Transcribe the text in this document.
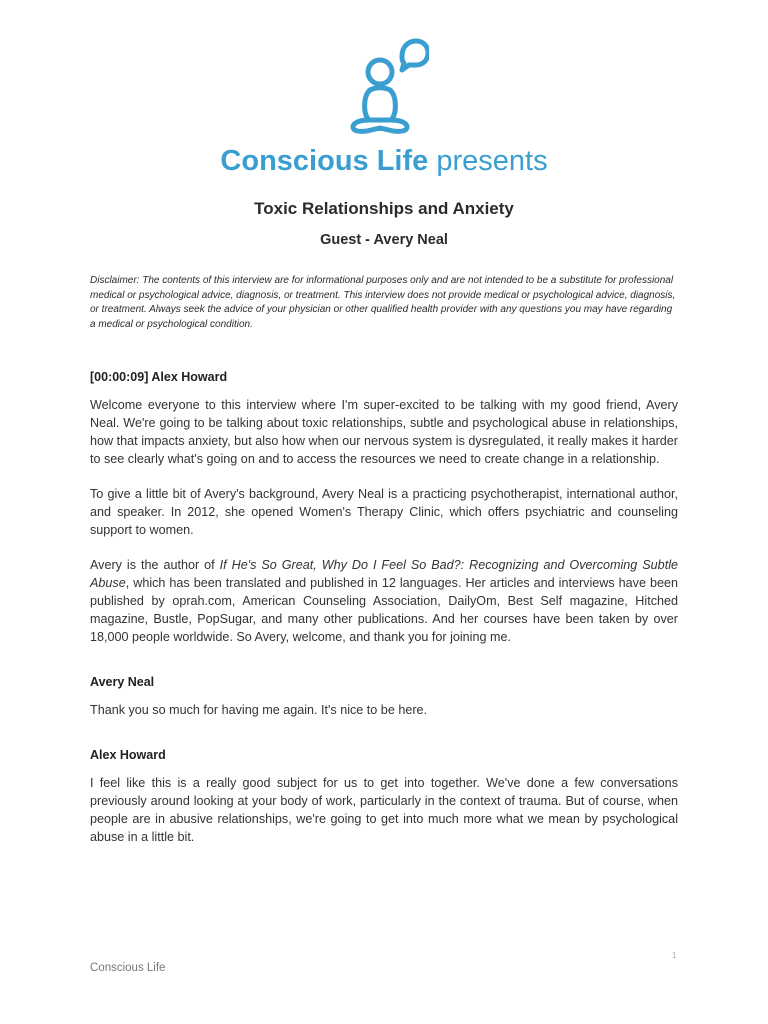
Conscious Life presents
Toxic Relationships and Anxiety
Guest - Avery Neal
Disclaimer: The contents of this interview are for informational purposes only and are not intended to be a substitute for professional medical or psychological advice, diagnosis, or treatment. This interview does not provide medical or psychological advice, diagnosis, or treatment. Always seek the advice of your physician or other qualified health provider with any questions you may have regarding a medical or psychological condition.
[00:00:09] Alex Howard

Welcome everyone to this interview where I'm super-excited to be talking with my good friend, Avery Neal. We're going to be talking about toxic relationships, subtle and psychological abuse in relationships, how that impacts anxiety, but also how when our nervous system is dysregulated, it really makes it harder to see clearly what's going on and to access the resources we need to create change in a relationship.

To give a little bit of Avery's background, Avery Neal is a practicing psychotherapist, international author, and speaker. In 2012, she opened Women's Therapy Clinic, which offers psychiatric and counseling support to women.

Avery is the author of If He's So Great, Why Do I Feel So Bad?: Recognizing and Overcoming Subtle Abuse, which has been translated and published in 12 languages. Her articles and interviews have been published by oprah.com, American Counseling Association, DailyOm, Best Self magazine, Hitched magazine, Bustle, PopSugar, and many other publications. And her courses have been taken by over 18,000 people worldwide. So Avery, welcome, and thank you for joining me.

Avery Neal

Thank you so much for having me again. It's nice to be here.

Alex Howard

I feel like this is a really good subject for us to get into together. We've done a few conversations previously around looking at your body of work, particularly in the context of trauma. But of course, when people are in abusive relationships, we're going to get into much more what we mean by psychological abuse in a little bit.

1
Conscious Life
